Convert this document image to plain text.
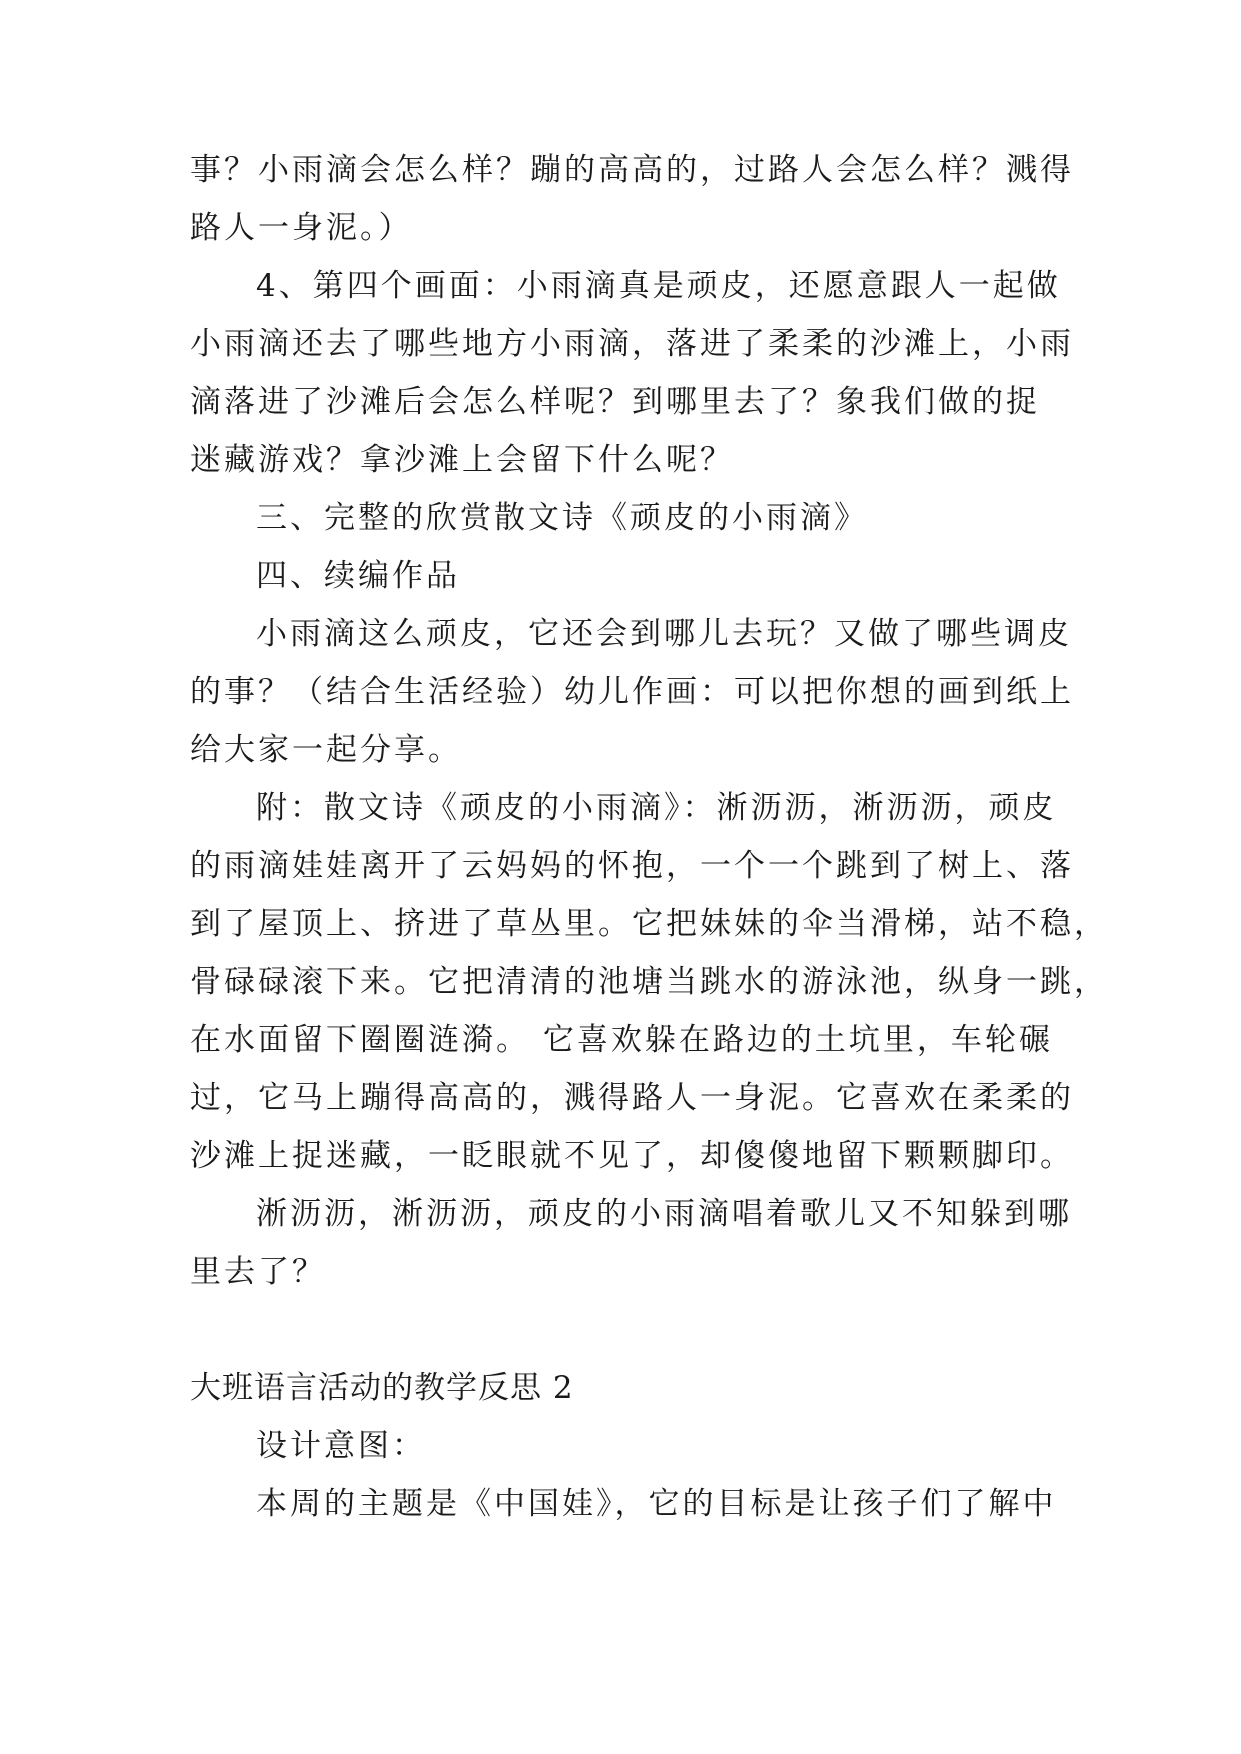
事？小雨滴会怎么样？蹦的高高的，过路人会怎么样？溅得
路人一身泥。）
4、第四个画面：小雨滴真是顽皮，还愿意跟人一起做
小雨滴还去了哪些地方小雨滴，落进了柔柔的沙滩上，小雨
滴落进了沙滩后会怎么样呢？到哪里去了？象我们做的捉
迷藏游戏？拿沙滩上会留下什么呢？
三、完整的欣赏散文诗《顽皮的小雨滴》
四、续编作品
小雨滴这么顽皮，它还会到哪儿去玩？又做了哪些调皮
的事？（结合生活经验）幼儿作画：可以把你想的画到纸上
给大家一起分享。
附：散文诗《顽皮的小雨滴》：淅沥沥，淅沥沥，顽皮
的雨滴娃娃离开了云妈妈的怀抱，一个一个跳到了树上、落
到了屋顶上、挤进了草丛里。它把妹妹的伞当滑梯，站不稳，
骨碌碌滚下来。它把清清的池塘当跳水的游泳池，纵身一跳，
在水面留下圈圈涟漪。 它喜欢躲在路边的土坑里，车轮碾
过，它马上蹦得高高的，溅得路人一身泥。它喜欢在柔柔的
沙滩上捉迷藏，一眨眼就不见了，却傻傻地留下颗颗脚印。
淅沥沥，淅沥沥，顽皮的小雨滴唱着歌儿又不知躲到哪
里去了？
大班语言活动的教学反思 2
设计意图：
本周的主题是《中国娃》，它的目标是让孩子们了解中
